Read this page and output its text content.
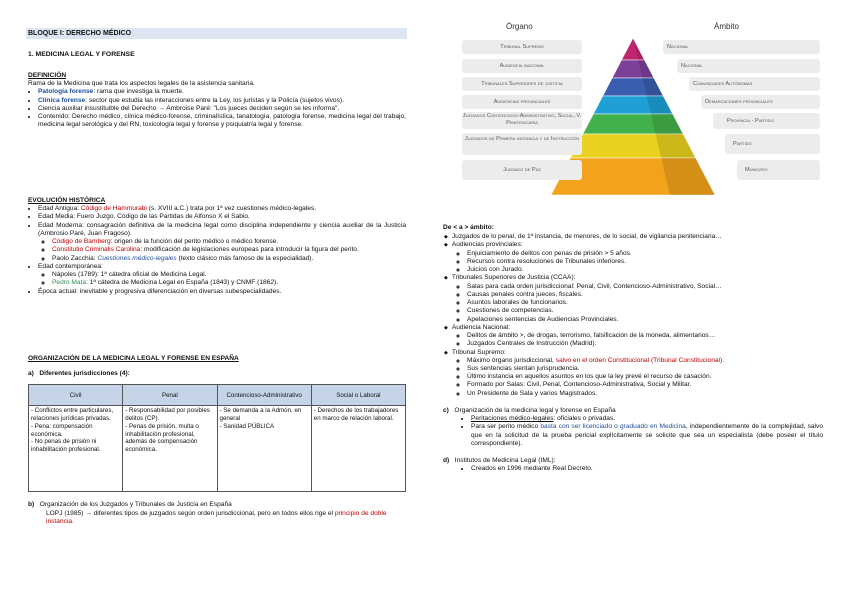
BLOQUE I: DERECHO MÉDICO
1. MEDICINA LEGAL Y FORENSE
DEFINICIÓN
Rama de la Medicina que trata los aspectos legales de la asistencia sanitaria.
• Patología forense: rama que investiga la muerte.
• Clínica forense: sector que estudia las interacciones entre la Ley, los juristas y la Policía (sujetos vivos).
• Ciencia auxiliar insustituible del Derecho → Ambroise Paré: "Los jueces deciden según se les informa".
• Contenido: Derecho médico, clínica médico-forense, criminalística, tanatología, patología forense, medicina legal del trabajo, medicina legal serológica y del RN, toxicología legal y forense y psiquiatría legal y forense.
EVOLUCIÓN HISTÓRICA
• Edad Antigua: Código de Hammurabi (s. XVIII a.C.) trata por 1ª vez cuestiones médico-legales.
• Edad Media: Fuero Juzgo, Código de las Partidas de Alfonso X el Sabio.
• Edad Moderna: consagración definitiva de la medicina legal como disciplina independiente y ciencia auxiliar de la Justicia (Ambrosio Paré, Juan Fragoso).
◦ Código de Bamberg: origen de la función del perito médico o médico forense.
◦ Constitutio Criminalis Carolina: modificación de legislaciones europeas para introducir la figura del perito.
◦ Paolo Zacchia: Cuestiones médico-legales (texto clásico más famoso de la especialidad).
• Edad contemporánea:
◦ Nápoles (1789): 1ª cátedra oficial de Medicina Legal.
◦ Pedro Mata: 1ª cátedra de Medicina Legal en España (1843) y CNMF (1862).
• Época actual: inevitable y progresiva diferenciación en diversas subespecialidades.
ORGANIZACIÓN DE LA MEDICINA LEGAL Y FORENSE EN ESPAÑA
a) Diferentes jurisdicciones (4):
Civil	Penal	Contencioso-Administrativo	Social o Laboral
- Conflictos entre particulares, relaciones jurídicas privadas.
- Pena: compensación económica.
- No penas de prisión ni inhabilitación profesional.	- Responsabilidad por posibles delitos (CP).
- Penas de prisión, multa o inhabilitación profesional, además de compensación económica.	- Se demanda a la Admón. en general
- Sanidad PÚBLICA	- Derechos de los trabajadores en marco de relación laboral.
b) Organización de los Juzgados y Tribunales de Justicia en España
LOPJ (1985) → diferentes tipos de juzgados según orden jurisdiccional, pero en todos ellos rige el principio de doble instancia.
Órgano	Ámbito
Tribunal Supremo
Audiencia nacional
Tribunales Superiores de justicia
Audiencias provinciales
Juzgados Contencioso-Administrativo, Social, V. Penitenciaria
Juzgados de Primera instancia y de Instrucción
Juzgado de Paz
Nacional
Nacional
Comunidades Autónomas
Demarcaciones provinciales
Provincia - Partido
Partido
Municipio
De < a > ámbito:
◆ Juzgados de lo penal, de 1ª instancia, de menores, de lo social, de vigilancia penitenciaria…
◆ Audiencias provinciales:
◦ Enjuiciamiento de delitos con penas de prisión > 5 años.
◦ Recursos contra resoluciones de Tribunales inferiores.
◦ Juicios con Jurado.
◆ Tribunales Superiores de Justicia (CCAA):
◦ Salas para cada orden jurisdiccional: Penal, Civil, Contencioso-Administrativo, Social…
◦ Causas penales contra jueces, fiscales.
◦ Asuntos laborales de funcionarios.
◦ Cuestiones de competencias.
◦ Apelaciones sentencias de Audiencias Provinciales.
◆ Audiencia Nacional:
◦ Delitos de ámbito >, de drogas, terrorismo, falsificación de la moneda, alimentarios…
◦ Juzgados Centrales de Instrucción (Madrid).
◆ Tribunal Supremo:
◦ Máximo órgano jurisdiccional, salvo en el orden Constitucional (Tribunal Constitucional).
◦ Sus sentencias sientan jurisprudencia.
◦ Último instancia en aquellos asuntos en los que la ley prevé el recurso de casación.
◦ Formado por Salas: Civil, Penal, Contencioso-Administrativa, Social y Militar.
◦ Un Presidente de Sala y varios Magistrados.
c) Organización de la medicina legal y forense en España
• Peritaciones médico-legales: oficiales o privadas.
• Para ser perito médico basta con ser licenciado o graduado en Medicina, independientemente de la complejidad, salvo que en la solicitud de la prueba pericial explícitamente se solicite que sea un especialista (debe poseer el título correspondiente).
d) Institutos de Medicina Legal (IML):
• Creados en 1996 mediante Real Decreto.
